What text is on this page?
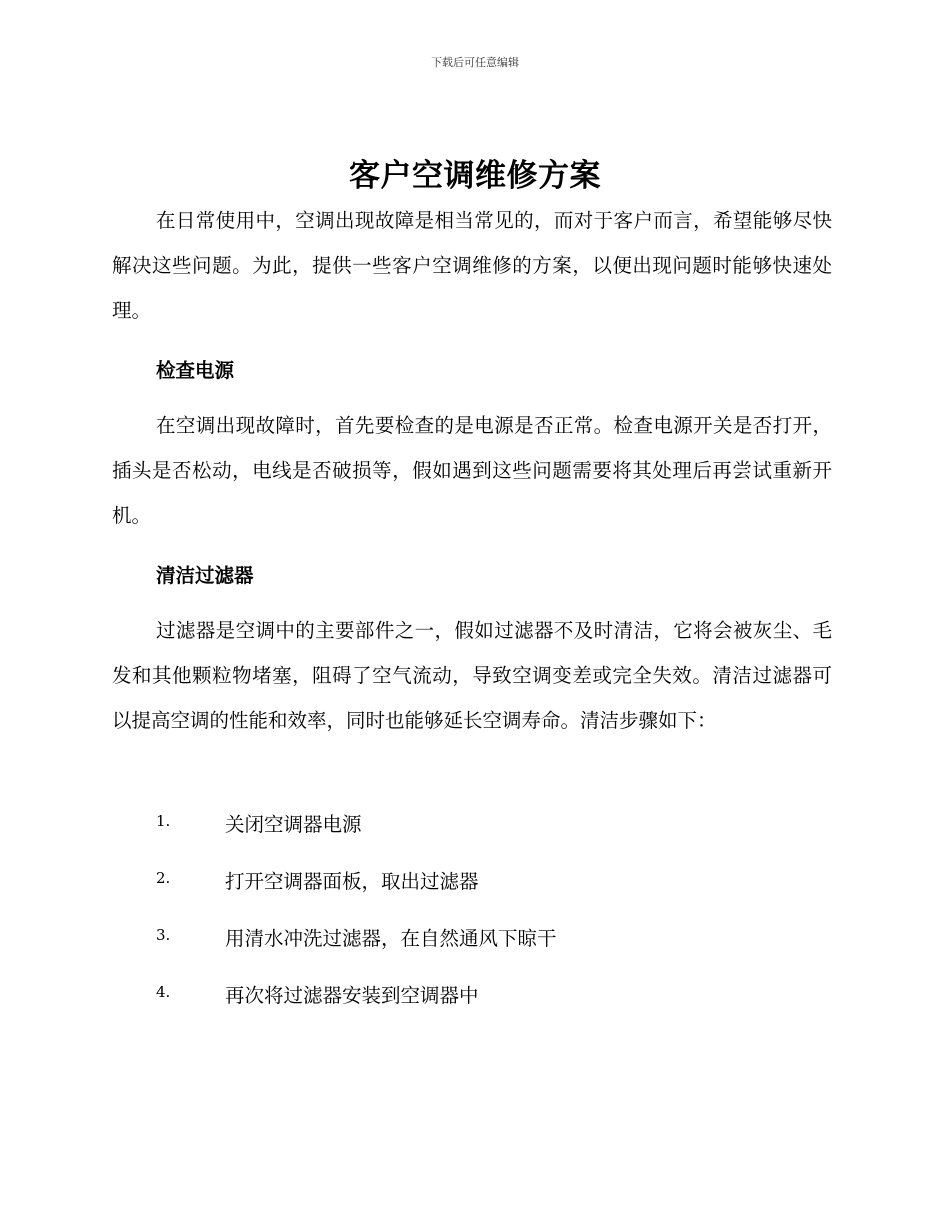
下载后可任意编辑
客户空调维修方案

在日常使用中，空调出现故障是相当常见的，而对于客户而言，希望能够尽快解决这些问题。为此，提供一些客户空调维修的方案，以便出现问题时能够快速处理。

检查电源

在空调出现故障时，首先要检查的是电源是否正常。检查电源开关是否打开，插头是否松动，电线是否破损等，假如遇到这些问题需要将其处理后再尝试重新开机。

清洁过滤器

过滤器是空调中的主要部件之一，假如过滤器不及时清洁，它将会被灰尘、毛发和其他颗粒物堵塞，阻碍了空气流动，导致空调变差或完全失效。清洁过滤器可以提高空调的性能和效率，同时也能够延长空调寿命。清洁步骤如下：

1.	关闭空调器电源
2.	打开空调器面板，取出过滤器
3.	用清水冲洗过滤器，在自然通风下晾干
4.	再次将过滤器安装到空调器中
